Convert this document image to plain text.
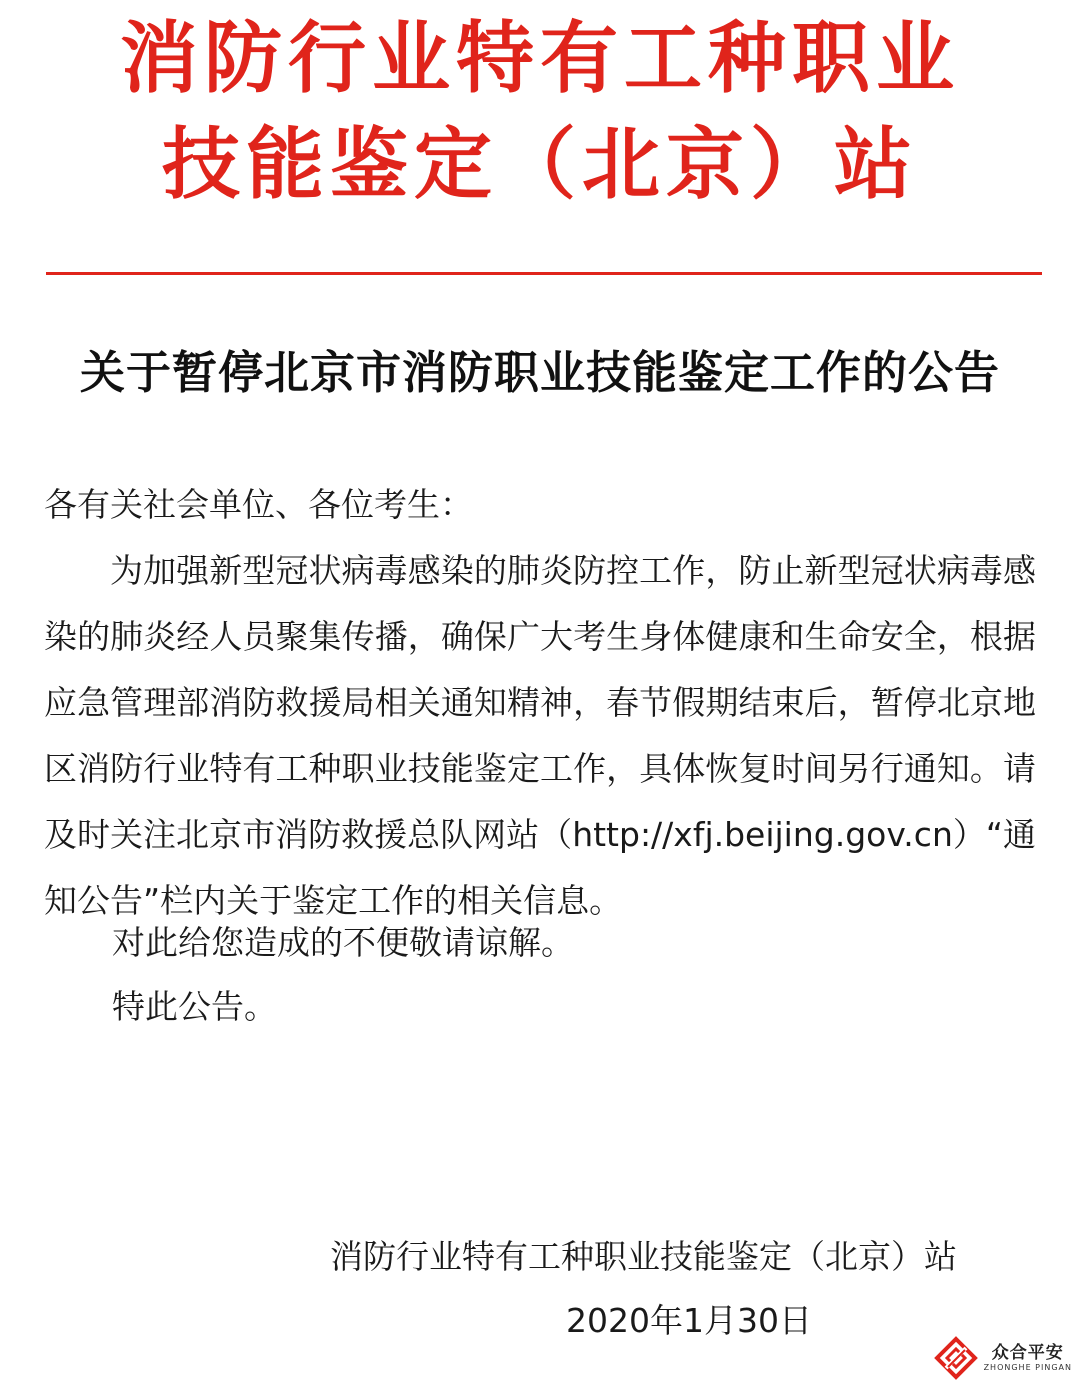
消防行业特有工种职业
技能鉴定（北京）站
关于暂停北京市消防职业技能鉴定工作的公告

各有关社会单位、各位考生：

为加强新型冠状病毒感染的肺炎防控工作，防止新型冠状病毒感染的肺炎经人员聚集传播，确保广大考生身体健康和生命安全，根据应急管理部消防救援局相关通知精神，春节假期结束后，暂停北京地区消防行业特有工种职业技能鉴定工作，具体恢复时间另行通知。请及时关注北京市消防救援总队网站（http://xfj.beijing.gov.cn）“通知公告”栏内关于鉴定工作的相关信息。

对此给您造成的不便敬请谅解。

特此公告。

消防行业特有工种职业技能鉴定（北京）站

2020年1月30日

众合平安
ZHONGHE PINGAN
